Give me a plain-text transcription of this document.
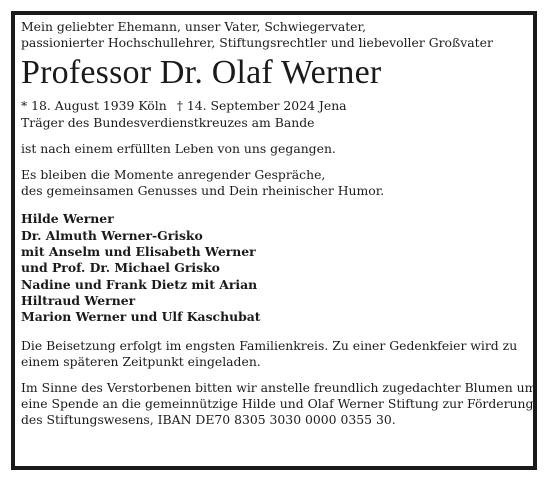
Mein geliebter Ehemann, unser Vater, Schwiegervater,
passionierter Hochschullehrer, Stiftungsrechtler und liebevoller Großvater
Professor Dr. Olaf Werner
* 18. August 1939 Köln † 14. September 2024 Jena
Träger des Bundesverdienstkreuzes am Bande
ist nach einem erfüllten Leben von uns gegangen.
Es bleiben die Momente anregender Gespräche,
des gemeinsamen Genusses und Dein rheinischer Humor.
Hilde Werner
Dr. Almuth Werner-Grisko
mit Anselm und Elisabeth Werner
und Prof. Dr. Michael Grisko
Nadine und Frank Dietz mit Arian
Hiltraud Werner
Marion Werner und Ulf Kaschubat
Die Beisetzung erfolgt im engsten Familienkreis. Zu einer Gedenkfeier wird zu
einem späteren Zeitpunkt eingeladen.
Im Sinne des Verstorbenen bitten wir anstelle freundlich zugedachter Blumen um
eine Spende an die gemeinnützige Hilde und Olaf Werner Stiftung zur Förderung
des Stiftungswesens, IBAN DE70 8305 3030 0000 0355 30.
